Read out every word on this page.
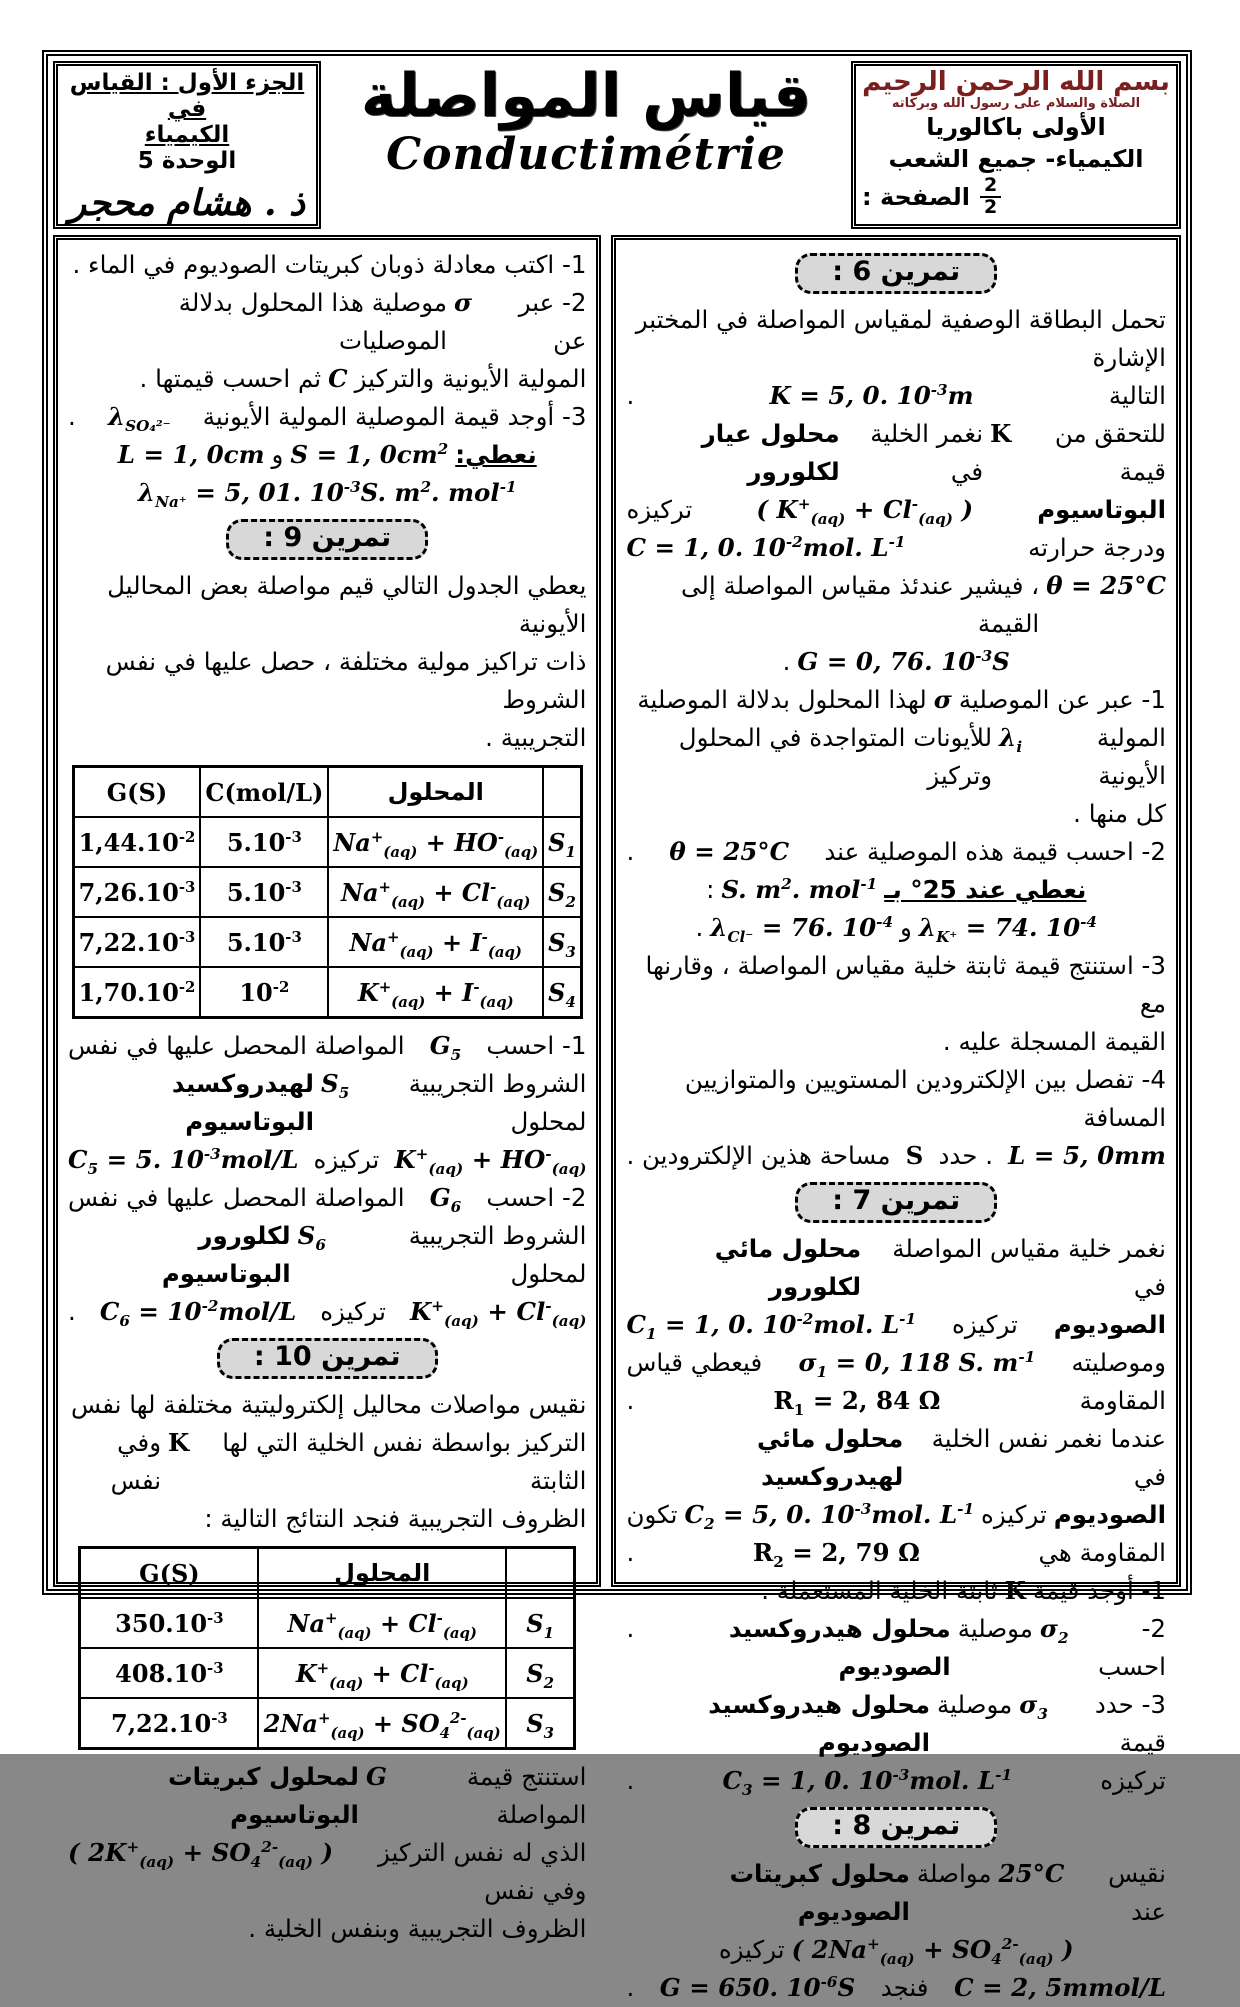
الجزء الأول : القياس في
الكيمياء
الوحدة 5
ذ . هشام محجر
قياس المواصلة
Conductimétrie
بسم الله الرحمن الرحيم
الصلاة والسلام على رسول الله وبركاته
الأولى باكالوريا
الكيمياء- جميع الشعب
الصفحة : $\frac{2}{2}$
1- اكتب معادلة ذوبان كبريتات الصوديوم في الماء .
2- عبر عن
σ
موصلية هذا المحلول بدلالة الموصليات
المولية الأيونية والتركيز
C
ثم احسب قيمتها .
3- أوجد قيمة الموصلية المولية الأيونية
$\lambda_{SO_4^{2-}}$
.
نعطي:
S = 1, $0cm^2$
و
L = 1, 0cm
$\lambda_{Na^+} = 5$, 01. $10^{-3}S$. $m^2$. mol$^{-1}$
تمرين 9 :
يعطي الجدول التالي قيم مواصلة بعض المحاليل الأيونية
ذات تراكيز مولية مختلفة ، حصل عليها في نفس الشروط
التجريبية .
	المحلول	C(mol/L)	G(S)
$S_1$	$Na^+_{(aq)} + HO^-_{(aq)}$	$5.10^{-3}$	$1,44.10^{-2}$
$S_2$	$Na^+_{(aq)} + Cl^-_{(aq)}$	$5.10^{-3}$	$7,26.10^{-3}$
$S_3$	$Na^+_{(aq)} + I^-_{(aq)}$	$5.10^{-3}$	$7,22.10^{-3}$
$S_4$	$K^+_{(aq)} + I^-_{(aq)}$	$10^{-2}$	$1,70.10^{-2}$
1- احسب
$G_5$
المواصلة المحصل عليها في نفس
الشروط التجريبية لمحلول
$S_5$
لهيدروكسيد البوتاسيوم
$K^+_{(aq)} + HO^-_{(aq)}$
تركيزه
$C_5 = 5$. $10^{-3}mol/L$
2- احسب
$G_6$
المواصلة المحصل عليها في نفس
الشروط التجريبية لمحلول
$S_6$
لكلورور البوتاسيوم
$K^+_{(aq)} + Cl^-_{(aq)}$
تركيزه
$C_6 = 10^{-2}mol/L$
.
تمرين 10 :
نقيس مواصلات محاليل إلكتروليتية مختلفة لها نفس
التركيز بواسطة نفس الخلية التي لها الثابتة
K
وفي نفس
الظروف التجريبية فنجد النتائج التالية :
	المحلول	G(S)
$S_1$	$Na^+_{(aq)} + Cl^-_{(aq)}$	$350.10^{-3}$
$S_2$	$K^+_{(aq)} + Cl^-_{(aq)}$	$408.10^{-3}$
$S_3$	$2Na^+_{(aq)} + SO_4^{2-}_{(aq)}$	$7,22.10^{-3}$
استنتج قيمة المواصلة
G
لمحلول كبريتات البوتاسيوم
الذي له نفس التركيز وفي نفس
( $2K^+_{(aq)} + SO_4^{2-}_{(aq)}$ )
الظروف التجريبية وبنفس الخلية .
تمرين 6 :
تحمل البطاقة الوصفية لمقياس المواصلة في المختبر الإشارة
التالية
K = 5, 0. $10^{-3}m$
.
للتحقق من قيمة
K
نغمر الخلية في
محلول عيار لكلورور
البوتاسيوم
( $K^+_{(aq)} + Cl^-_{(aq)}$ )
تركيزه
ودرجة حرارته
C = 1, 0. $10^{-2}mol$. $L^{-1}$
θ = 25°C
، فيشير عندئذ مقياس المواصلة إلى القيمة
G = 0, 76. $10^{-3}S$
.
1- عبر عن الموصلية
σ
لهذا المحلول بدلالة الموصلية
المولية الأيونية
$\lambda_i$
للأيونات المتواجدة في المحلول وتركيز
كل منها .
2- احسب قيمة هذه الموصلية عند
θ = 25°C
.
نعطي عند 25° بـ
S. $m^2$. mol$^{-1}$
:
$\lambda_{K^+} = 74$. $10^{-4}$
و
$\lambda_{Cl^-} = 76$. $10^{-4}$
.
3- استنتج قيمة ثابتة خلية مقياس المواصلة ، وقارنها مع
القيمة المسجلة عليه .
4- تفصل بين الإلكترودين المستويين والمتوازيين المسافة
L = 5, 0mm
. حدد
S
مساحة هذين الإلكترودين .
تمرين 7 :
نغمر خلية مقياس المواصلة في
محلول مائي لكلورور
الصوديوم
تركيزه
$C_1 = 1$, 0. $10^{-2}mol$. $L^{-1}$
وموصليته
$\sigma_1 = 0$, 118 S. $m^{-1}$
فيعطي قياس
المقاومة
$R_1 = 2$, 84 Ω
.
عندما نغمر نفس الخلية في
محلول مائي لهيدروكسيد
الصوديوم
تركيزه
$C_2 = 5$, 0. $10^{-3}mol$. $L^{-1}$
تكون
المقاومة هي
$R_2 = 2$, 79 Ω
.
1- أوجد قيمة
K
ثابتة الخلية المستعملة .
2- احسب
$\sigma_2$
موصلية
محلول هيدروكسيد الصوديوم
.
3- حدد قيمة
$\sigma_3$
موصلية
محلول هيدروكسيد الصوديوم
تركيزه
$C_3 = 1$, 0. $10^{-3}mol$. $L^{-1}$
.
تمرين 8 :
نقيس عند
25°C
مواصلة
محلول كبريتات الصوديوم
( $2Na^+_{(aq)} + SO_4^{2-}_{(aq)}$ )
تركيزه
C = 2, 5mmol/L
فنجد
G = 650. $10^{-6}S$
.
